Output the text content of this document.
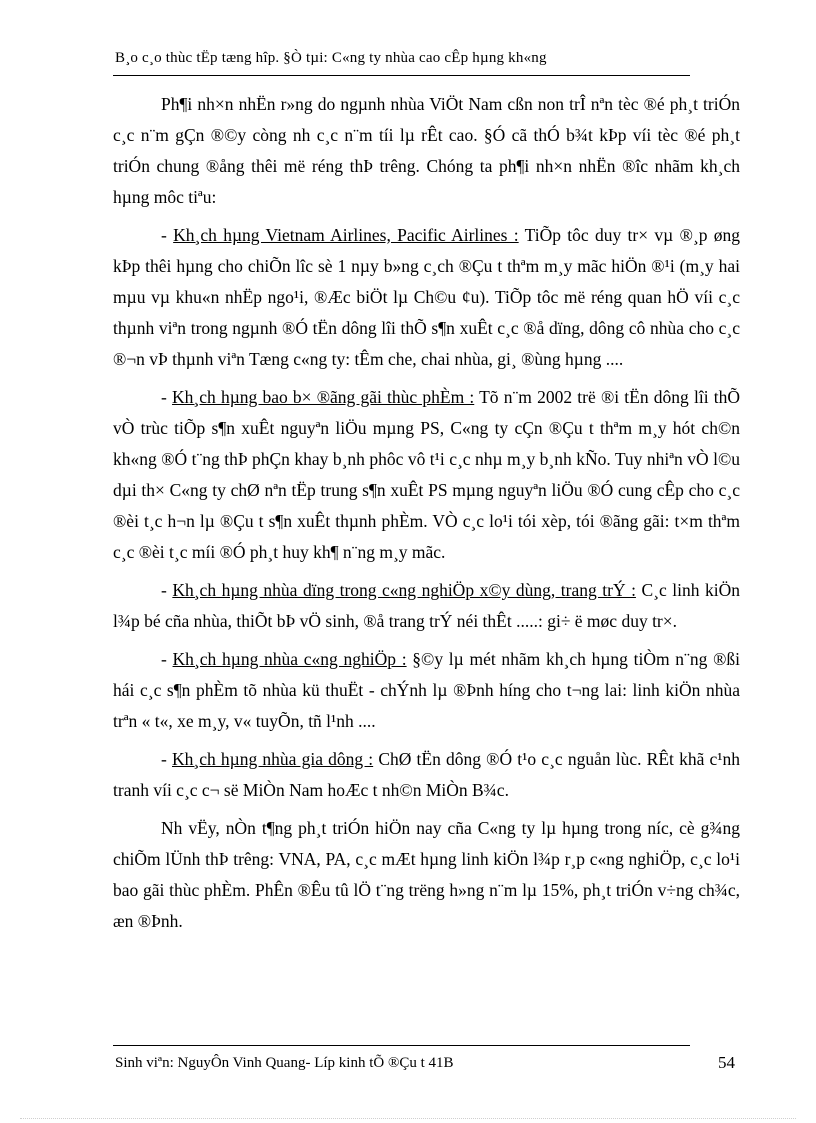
B¸o c¸o thùc tËp tæng hîp. §Ò tµi: C«ng ty nhùa cao cÊp hµng kh«ng

Ph¶i nh×n nhËn r»ng do ngµnh nhùa ViÖt Nam cßn non trÎ nªn tèc ®é ph¸t triÓn c¸c n¨m gÇn ®©y còng nh c¸c n¨m tíi lµ rÊt cao. §Ó cã thÓ b¾t kÞp víi tèc ®é ph¸t triÓn chung ®ång thêi më réng thÞ trêng. Chóng ta ph¶i nh×n nhËn ®îc nhãm kh¸ch hµng môc tiªu:

- Kh¸ch hµng Vietnam Airlines, Pacific Airlines : TiÕp tôc duy tr× vµ ®¸p øng kÞp thêi hµng cho chiÕn lîc sè 1 nµy b»ng c¸ch ®Çu t thªm m¸y mãc hiÖn ®¹i (m¸y hai mµu vµ khu«n nhËp ngo¹i, ®Æc biÖt lµ Ch©u ¢u). TiÕp tôc më réng quan hÖ víi c¸c thµnh viªn trong ngµnh ®Ó tËn dông lîi thÕ s¶n xuÊt c¸c ®å dïng, dông cô nhùa cho c¸c ®¬n vÞ thµnh viªn Tæng c«ng ty: tÊm che, chai nhùa, gi¸ ®ùng hµng ....

- Kh¸ch hµng bao b× ®ãng gãi thùc phÈm : Tõ n¨m 2002 trë ®i tËn dông lîi thÕ vÒ trùc tiÕp s¶n xuÊt nguyªn liÖu mµng PS, C«ng ty cÇn ®Çu t thªm m¸y hót ch©n kh«ng ®Ó t¨ng thÞ phÇn khay b¸nh phôc vô t¹i c¸c nhµ m¸y b¸nh kÑo. Tuy nhiªn vÒ l©u dµi th× C«ng ty chØ nªn tËp trung s¶n xuÊt PS mµng nguyªn liÖu ®Ó cung cÊp cho c¸c ®èi t¸c h¬n lµ ®Çu t s¶n xuÊt thµnh phÈm. VÒ c¸c lo¹i tói xèp, tói ®ãng gãi: t×m thªm c¸c ®èi t¸c míi ®Ó ph¸t huy kh¶ n¨ng m¸y mãc.

- Kh¸ch hµng nhùa dïng trong c«ng nghiÖp x©y dùng, trang trÝ : C¸c linh kiÖn l¾p bé cña nhùa, thiÕt bÞ vÖ sinh, ®å trang trÝ néi thÊt .....: gi÷ ë møc duy tr×.

- Kh¸ch hµng nhùa c«ng nghiÖp : §©y lµ mét nhãm kh¸ch hµng tiÒm n¨ng ®ßi hái c¸c s¶n phÈm tõ nhùa kü thuËt - chÝnh lµ ®Þnh híng cho t¬ng lai: linh kiÖn nhùa trªn « t«, xe m¸y, v« tuyÕn, tñ l¹nh ....

- Kh¸ch hµng nhùa gia dông : ChØ tËn dông ®Ó t¹o c¸c nguån lùc. RÊt khã c¹nh tranh víi c¸c c¬ së MiÒn Nam hoÆc t nh©n MiÒn B¾c.

Nh vËy, nÒn t¶ng ph¸t triÓn hiÖn nay cña C«ng ty lµ hµng trong níc, cè g¾ng chiÕm lÜnh thÞ trêng: VNA, PA, c¸c mÆt hµng linh kiÖn l¾p r¸p c«ng nghiÖp, c¸c lo¹i bao gãi thùc phÈm. PhÊn ®Êu tû lÖ t¨ng trëng h»ng n¨m lµ 15%, ph¸t triÓn v÷ng ch¾c, æn ®Þnh.

Sinh viªn: NguyÔn Vinh Quang- Líp kinh tÕ ®Çu t 41B	54
